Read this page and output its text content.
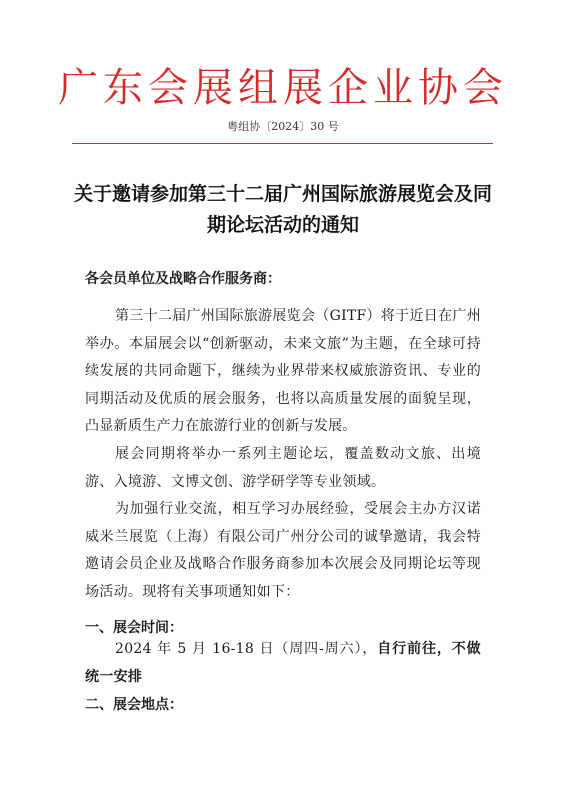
广东会展组展企业协会
粤组协〔2024〕30 号
关于邀请参加第三十二届广州国际旅游展览会及同期论坛活动的通知
各会员单位及战略合作服务商：
第三十二届广州国际旅游展览会（GITF）将于近日在广州举办。本届展会以“创新驱动，未来文旅”为主题，在全球可持续发展的共同命题下，继续为业界带来权威旅游资讯、专业的同期活动及优质的展会服务，也将以高质量发展的面貌呈现，凸显新质生产力在旅游行业的创新与发展。
展会同期将举办一系列主题论坛，覆盖数动文旅、出境游、入境游、文博文创、游学研学等专业领域。
为加强行业交流，相互学习办展经验，受展会主办方汉诺威米兰展览（上海）有限公司广州分公司的诚挚邀请，我会特邀请会员企业及战略合作服务商参加本次展会及同期论坛等现场活动。现将有关事项通知如下：
一、展会时间：
2024 年 5 月 16-18 日（周四-周六），自行前往，不做统一安排
二、展会地点：
